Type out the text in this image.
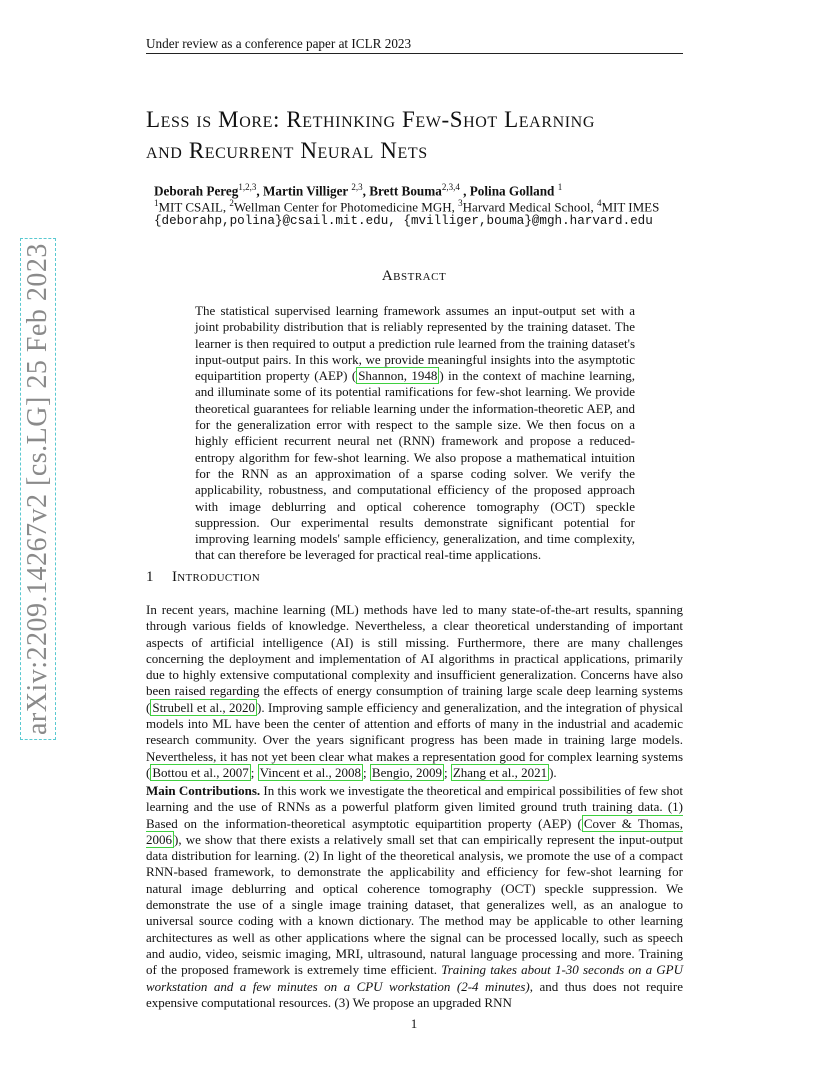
Under review as a conference paper at ICLR 2023
arXiv:2209.14267v2 [cs.LG] 25 Feb 2023
Less is More: Rethinking Few-Shot Learning
and Recurrent Neural Nets
Deborah Pereg$^{1,2,3}$, Martin Villiger $^{2,3}$, Brett Bouma$^{2,3,4}$ , Polina Golland $^1$
$^1$MIT CSAIL, $^2$Wellman Center for Photomedicine MGH, $^3$Harvard Medical School, $^4$MIT IMES
{deborahp,polina}@csail.mit.edu, {mvilliger,bouma}@mgh.harvard.edu
Abstract
The statistical supervised learning framework assumes an input-output set with a joint probability distribution that is reliably represented by the training dataset. The learner is then required to output a prediction rule learned from the training dataset's input-output pairs. In this work, we provide meaningful insights into the asymptotic equipartition property (AEP) ( Shannon, 1948 ) in the context of machine learning, and illuminate some of its potential ramifications for few-shot learning. We provide theoretical guarantees for reliable learning under the information-theoretic AEP, and for the generalization error with respect to the sample size. We then focus on a highly efficient recurrent neural net (RNN) framework and propose a reduced-entropy algorithm for few-shot learning. We also propose a mathematical intuition for the RNN as an approximation of a sparse coding solver. We verify the applicability, robustness, and computational efficiency of the proposed approach with image deblurring and optical coherence tomography (OCT) speckle suppression. Our experimental results demonstrate significant potential for improving learning models' sample efficiency, generalization, and time complexity, that can therefore be leveraged for practical real-time applications.
1 Introduction
In recent years, machine learning (ML) methods have led to many state-of-the-art results, spanning through various fields of knowledge. Nevertheless, a clear theoretical understanding of important aspects of artificial intelligence (AI) is still missing. Furthermore, there are many challenges concerning the deployment and implementation of AI algorithms in practical applications, primarily due to highly extensive computational complexity and insufficient generalization. Concerns have also been raised regarding the effects of energy consumption of training large scale deep learning systems ( Strubell et al., 2020 ). Improving sample efficiency and generalization, and the integration of physical models into ML have been the center of attention and efforts of many in the industrial and academic research community. Over the years significant progress has been made in training large models. Nevertheless, it has not yet been clear what makes a representation good for complex learning systems ( Bottou et al., 2007 ; Vincent et al., 2008 ; Bengio, 2009 ; Zhang et al., 2021 ).
Main Contributions. In this work we investigate the theoretical and empirical possibilities of few shot learning and the use of RNNs as a powerful platform given limited ground truth training data. (1) Based on the information-theoretical asymptotic equipartition property (AEP) ( Cover & Thomas, 2006 ), we show that there exists a relatively small set that can empirically represent the input-output data distribution for learning. (2) In light of the theoretical analysis, we promote the use of a compact RNN-based framework, to demonstrate the applicability and efficiency for few-shot learning for natural image deblurring and optical coherence tomography (OCT) speckle suppression. We demonstrate the use of a single image training dataset, that generalizes well, as an analogue to universal source coding with a known dictionary. The method may be applicable to other learning architectures as well as other applications where the signal can be processed locally, such as speech and audio, video, seismic imaging, MRI, ultrasound, natural language processing and more. Training of the proposed framework is extremely time efficient. Training takes about 1-30 seconds on a GPU workstation and a few minutes on a CPU workstation (2-4 minutes), and thus does not require expensive computational resources. (3) We propose an upgraded RNN
1
